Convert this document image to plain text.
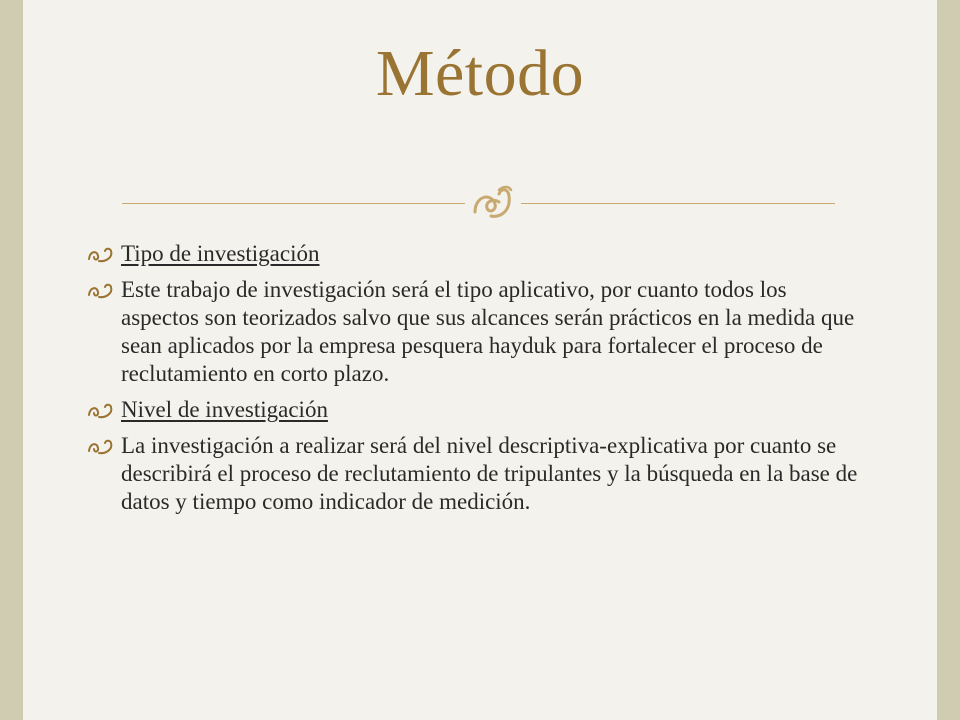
Método
Tipo de investigación
Este trabajo de investigación será el tipo aplicativo, por cuanto todos los aspectos son teorizados salvo que sus alcances serán prácticos en la medida que sean aplicados por la empresa pesquera hayduk para fortalecer el proceso de reclutamiento en corto plazo.
Nivel de investigación
La investigación a realizar será del nivel descriptiva-explicativa por cuanto se describirá el proceso de reclutamiento de tripulantes y la búsqueda en la base de datos y tiempo como indicador de medición.
